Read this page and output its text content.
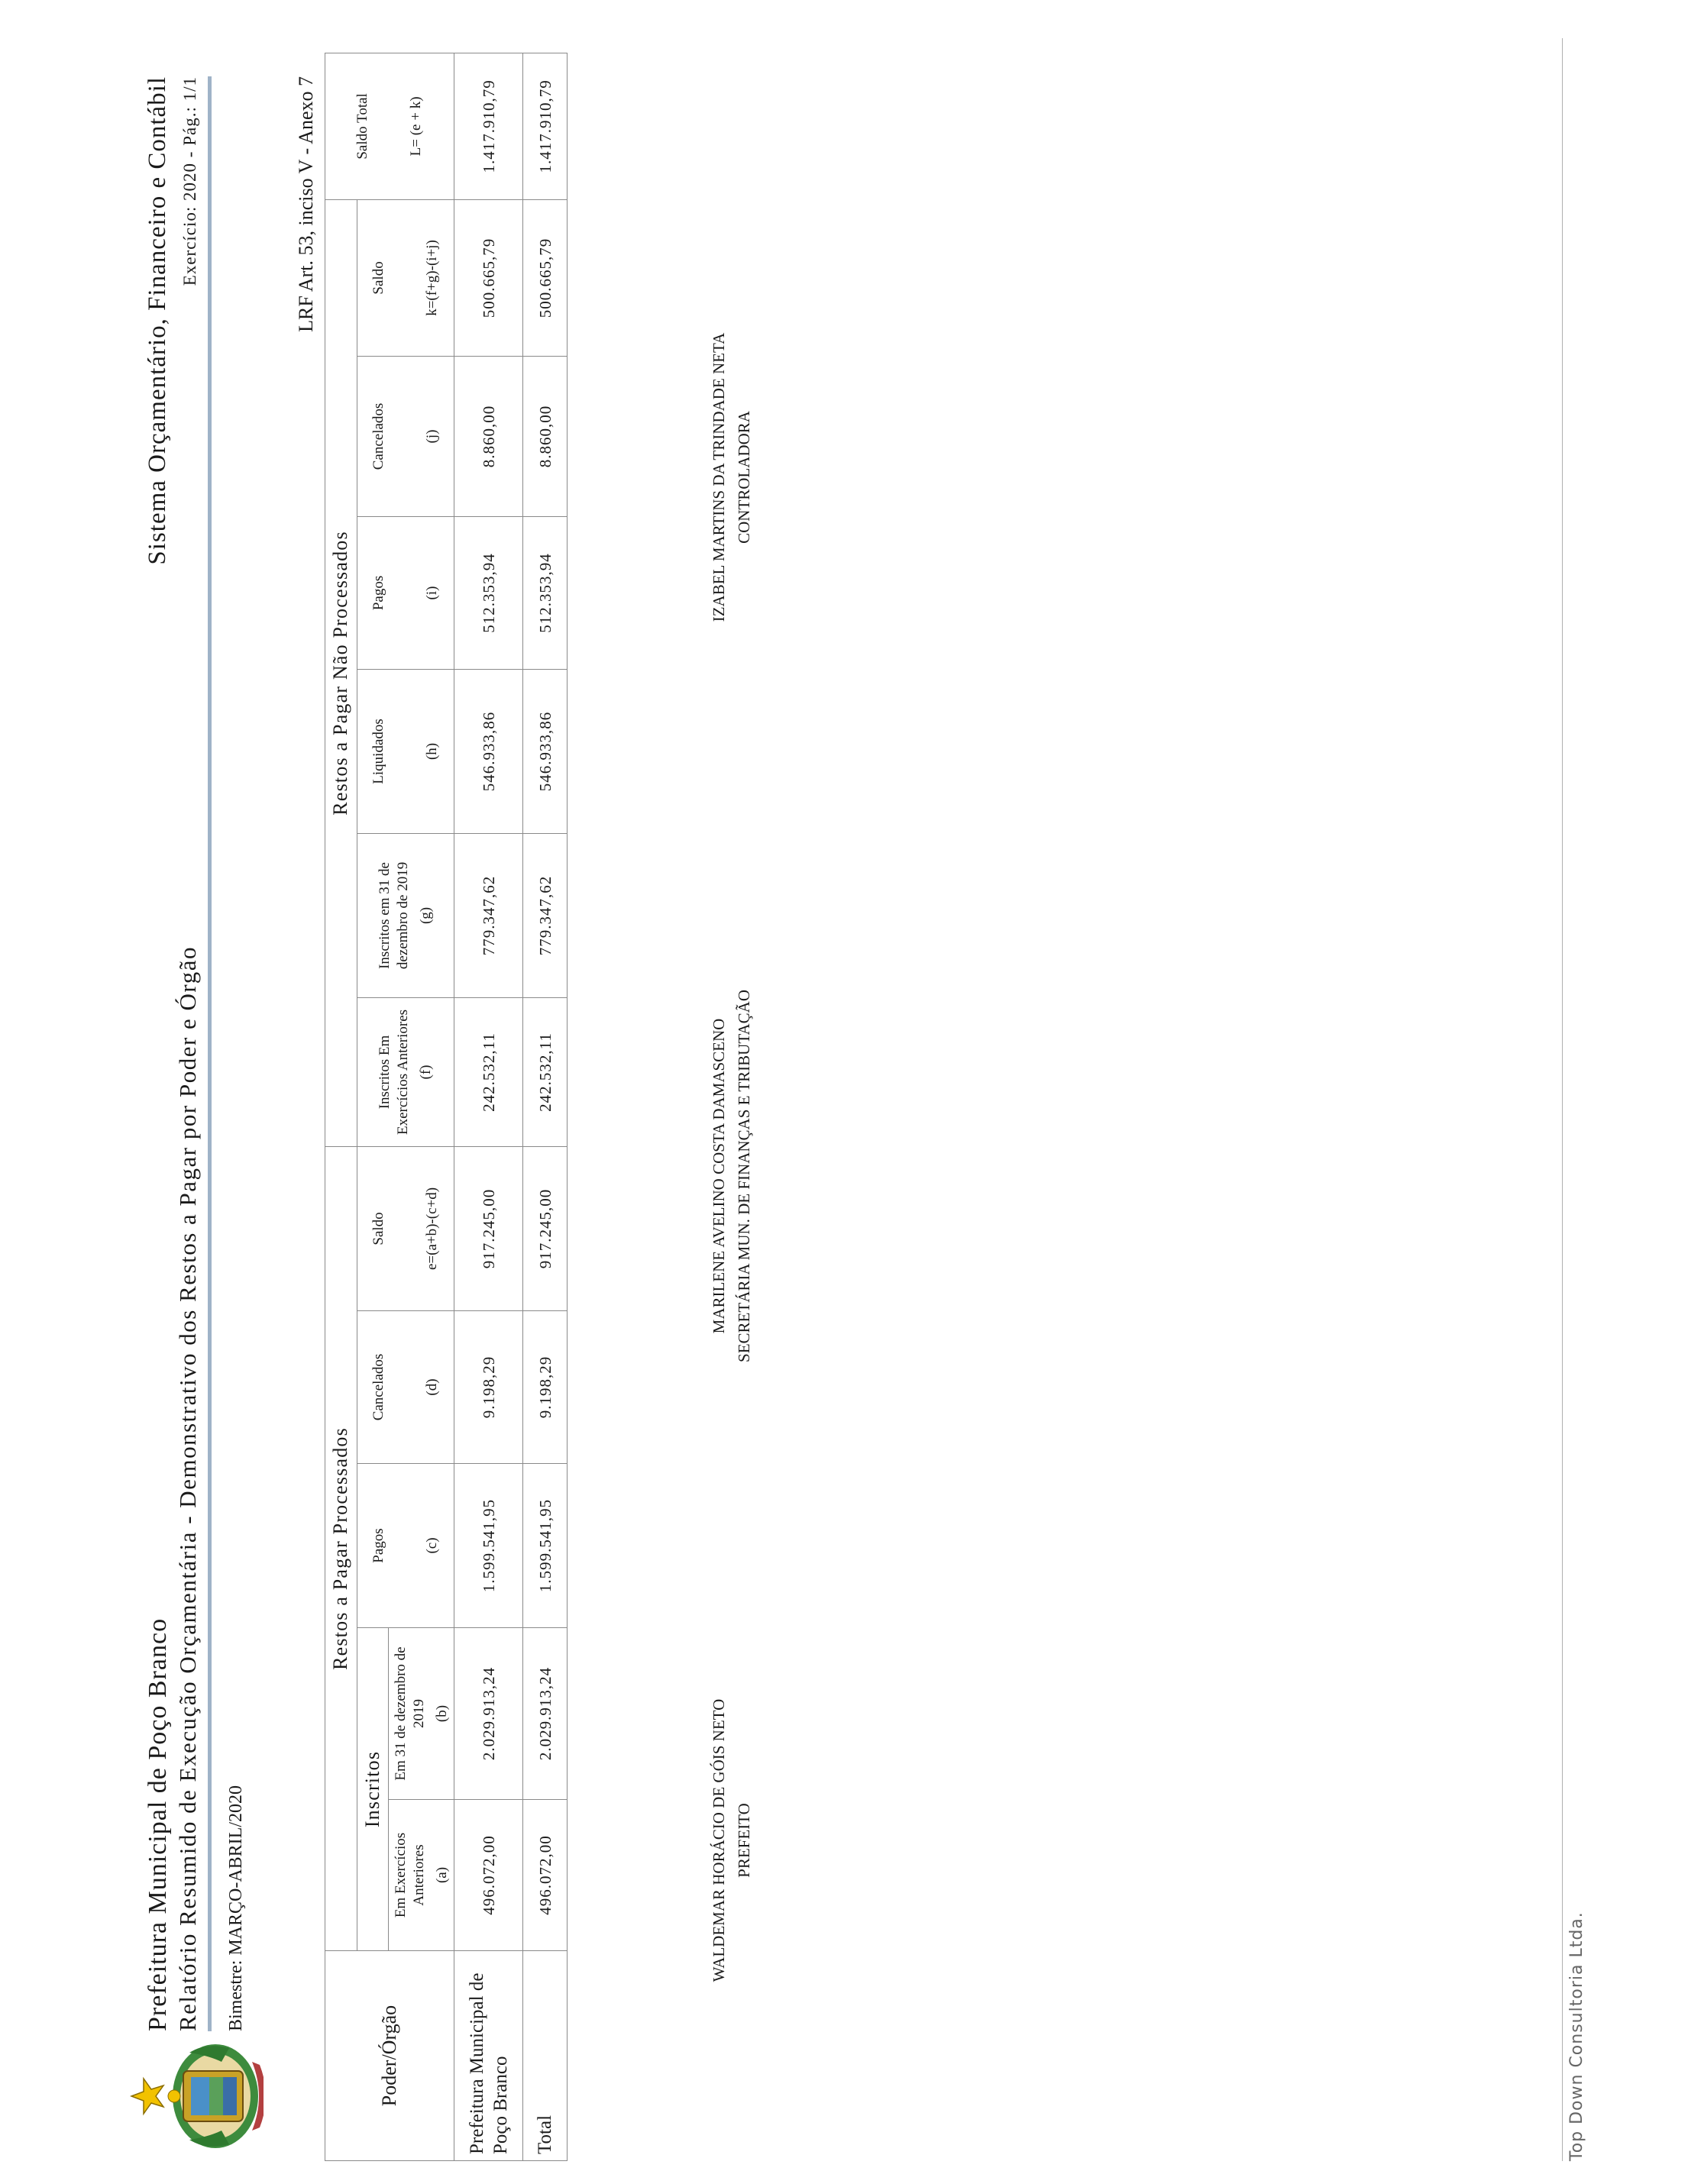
Prefeitura Municipal de Poço Branco Relatório Resumido de Execução Orçamentária - Demonstrativo dos Restos a Pagar por Poder e Órgão Bimestre: MARÇO-ABRIL/2020
Sistema Orçamentário, Financeiro e Contábil Exercício: 2020 - Pág.: 1/1	LRF Art. 53, inciso V - Anexo 7
Poder/Órgão	Restos a Pagar Processados					Restos a Pagar Não Processados						Saldo Total L= (e + k)

	Inscritos		Pagos (c)	Cancelados (d)	Saldo e=(a+b)-(c+d)	Inscritos Em Exercícios Anteriores (f)	Inscritos em 31 de dezembro de 2019 (g)	Liquidados (h)	Pagos (i)	Cancelados (j)	Saldo k=(f+g)-(i+j)	

	Em Exercícios Anteriores (a)	Em 31 de dezembro de 2019 (b)										

Prefeitura Municipal de Poço Branco	496.072,00	2.029.913,24	1.599.541,95	9.198,29	917.245,00	242.532,11	779.347,62	546.933,86	512.353,94	8.860,00	500.665,79	1.417.910,79
Total	496.072,00	2.029.913,24	1.599.541,95	9.198,29	917.245,00	242.532,11	779.347,62	546.933,86	512.353,94	8.860,00	500.665,79	1.417.910,79
WALDEMAR HORÁCIO DE GÓIS NETO PREFEITO
MARILENE AVELINO COSTA DAMASCENO SECRETÁRIA MUN. DE FINANÇAS E TRIBUTAÇÃO
IZABEL MARTINS DA TRINDADE NETA CONTROLADORA
Top Down Consultoria Ltda.
